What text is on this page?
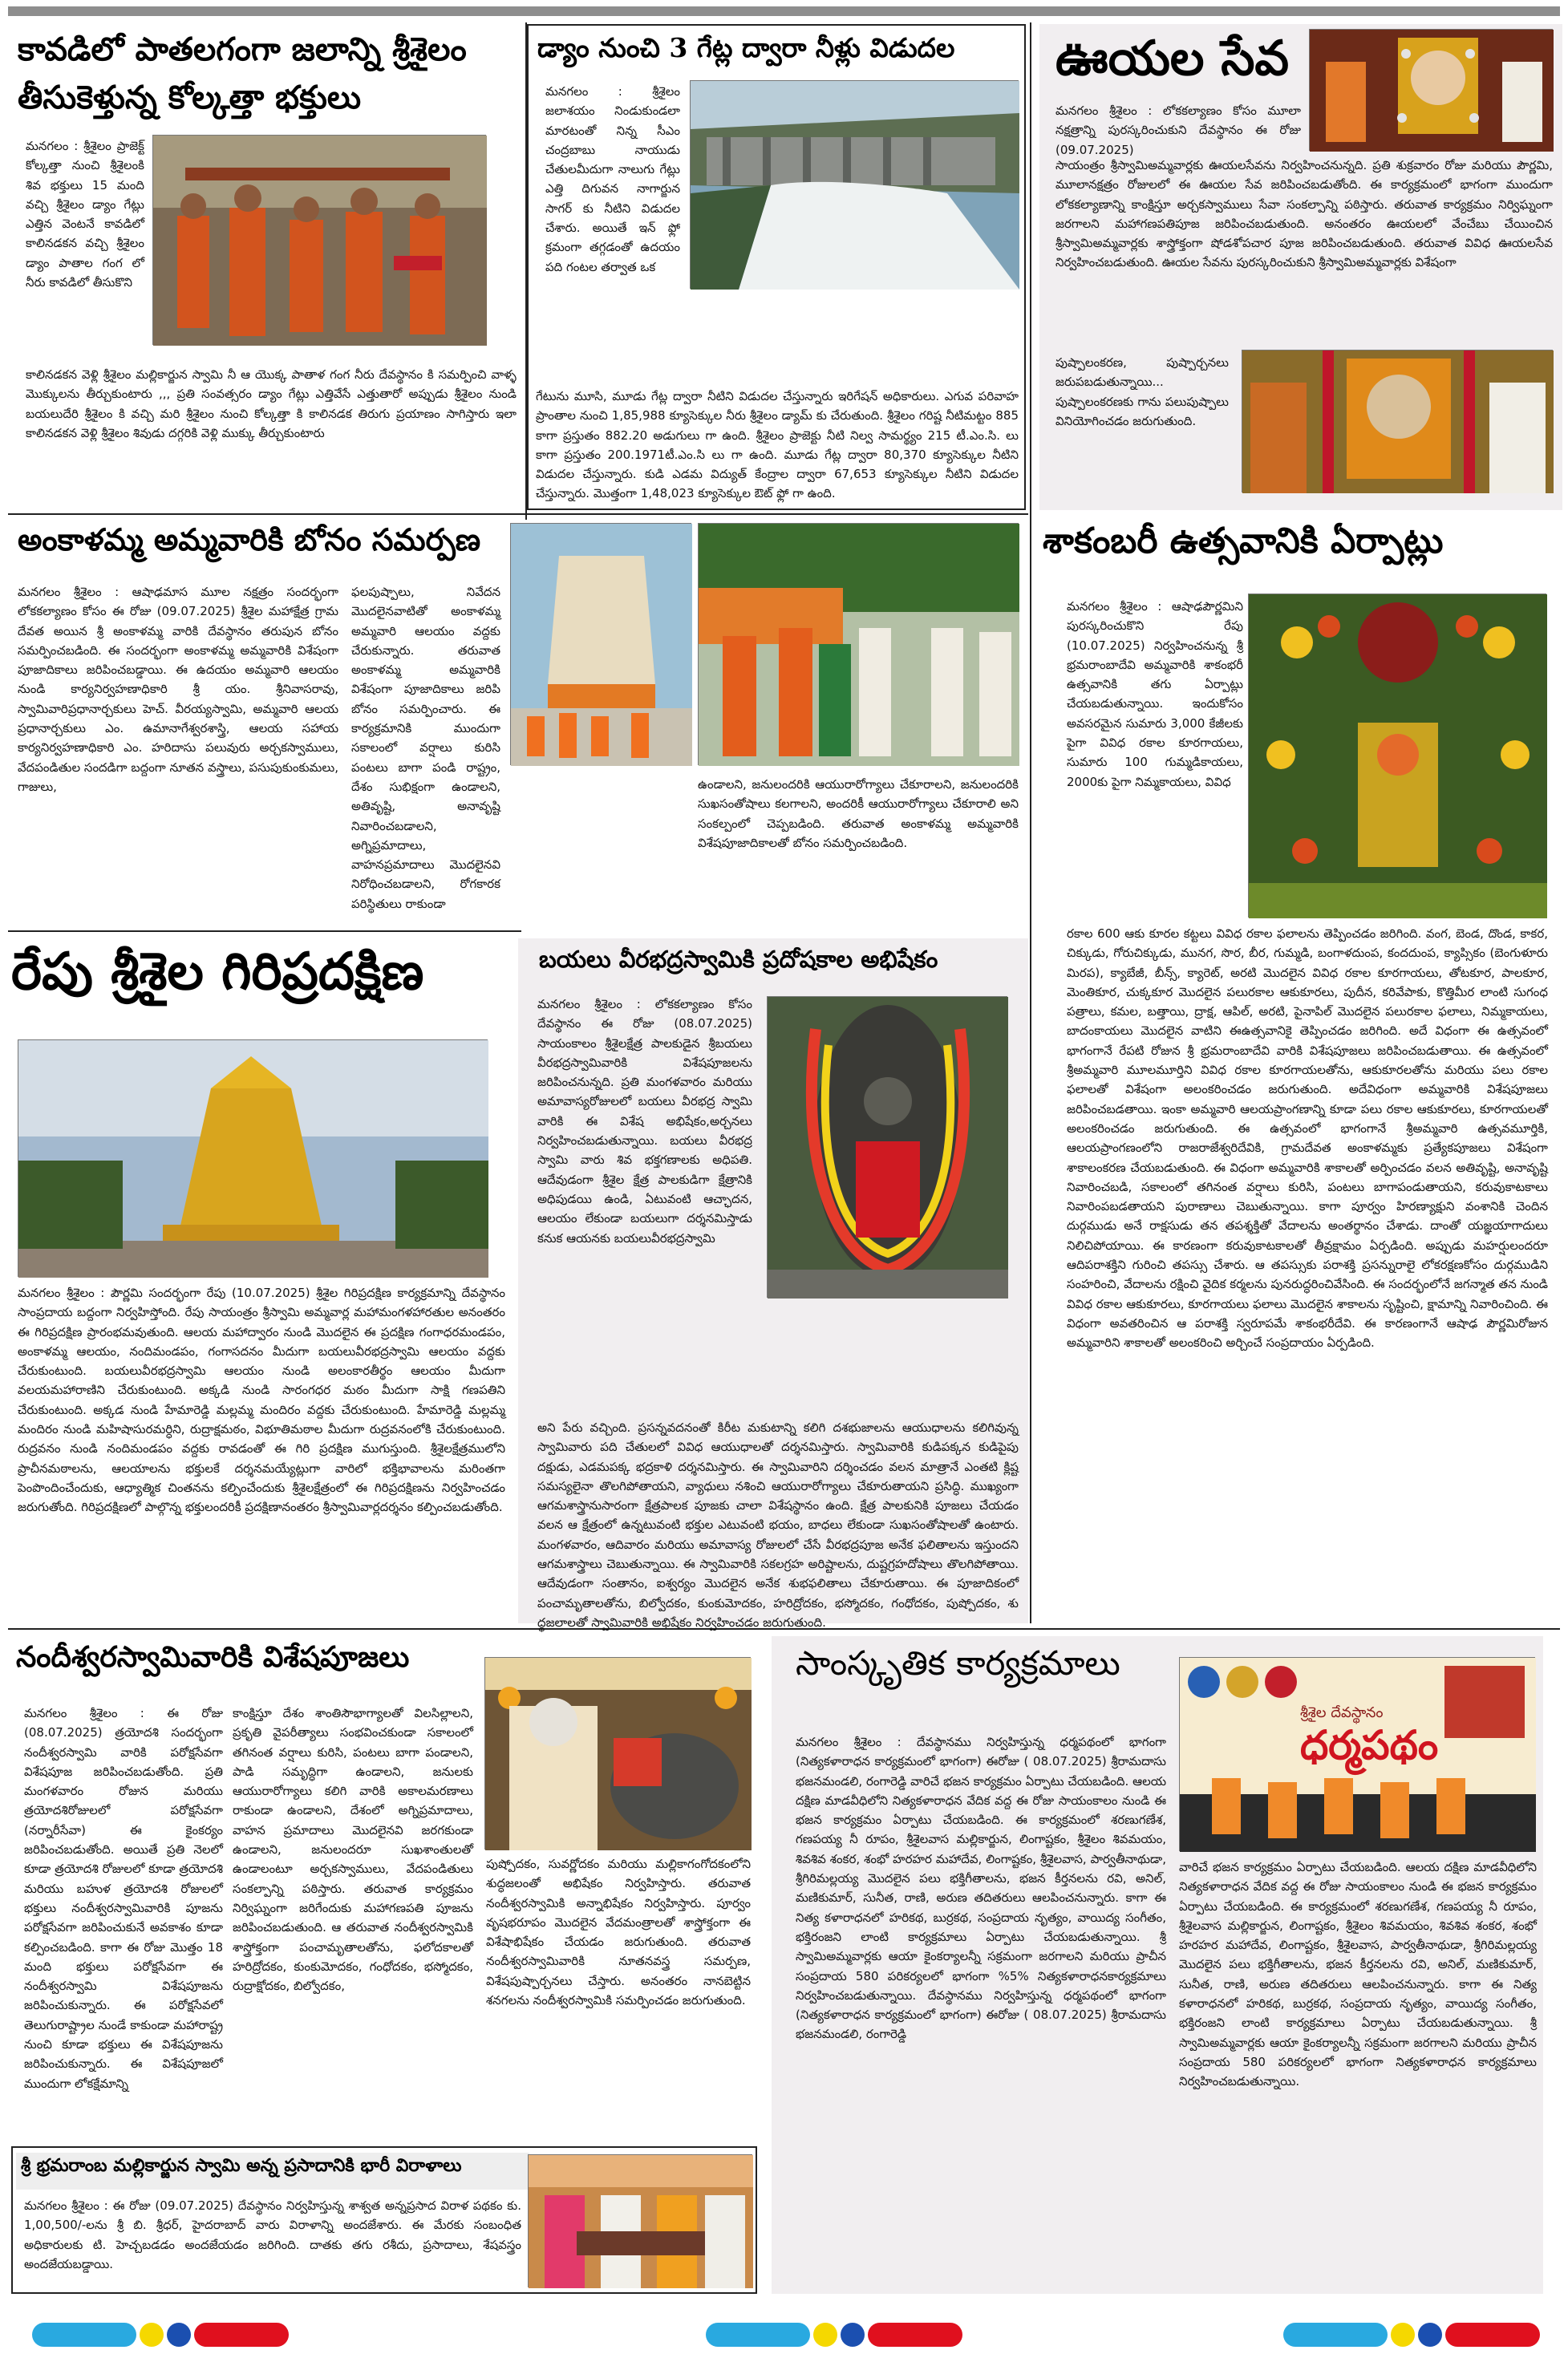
కావడిలో పాతలగంగా జలాన్ని శ్రీశైలం
తీసుకెళ్తున్న కోల్కత్తా భక్తులు
మనగలం : శ్రీశైలం ప్రాజెక్ట్ కోల్కత్తా నుంచి శ్రీశైలంకి శివ భక్తులు 15 మంది వచ్చి శ్రీశైలం డ్యాం గేట్లు ఎత్తిన వెంటనే కావడిలో కాలినడకన వచ్చి శ్రీశైలం డ్యాం పాతాల గంగ లో నీరు కావడిలో తీసుకొని
కాలినడకన వెళ్లి శ్రీశైలం మల్లికార్జున స్వామి నీ ఆ యొక్క పాతాళ గంగ నీరు దేవస్థానం కి సమర్పించి వాళ్ళ మొక్కులను తీర్చుకుంటారు ,,, ప్రతి సంవత్సరం డ్యాం గేట్లు ఎత్తివేసే ఎత్తుతారో అప్పుడు శ్రీశైలం నుండి బయలుదేరి శ్రీశైలం కి వచ్చి మరి శ్రీశైలం నుంచి కోల్కత్తా కి కాలినడక తిరుగు ప్రయాణం సాగిస్తారు ఇలా కాలినడకన వెళ్లి శ్రీశైలం శివుడు దగ్గరికి వెళ్లి ముక్కు తీర్చుకుంటారు
డ్యాం నుంచి 3 గేట్ల ద్వారా నీళ్లు విడుదల
మనగలం : శ్రీశైలం జలాశయం నిండుకుండలా మారటంతో నిన్న సీఎం చంద్రబాబు నాయుడు చేతులమీదుగా నాలుగు గేట్లు ఎత్తి దిగువన నాగార్జున సాగర్ కు నీటిని విడుదల చేశారు. అయితే ఇన్ ఫ్లో క్రమంగా తగ్గడంతో ఉదయం పది గంటల తర్వాత ఒక
గేటును మూసి, మూడు గేట్ల ద్వారా నీటిని విడుదల చేస్తున్నారు ఇరిగేషన్ అధికారులు. ఎగువ పరివాహ ప్రాంతాల నుంచి 1,85,988 క్యూసెక్కుల నీరు శ్రీశైలం డ్యామ్ కు చేరుతుంది. శ్రీశైలం గరిష్ట నీటిమట్టం 885 కాగా ప్రస్తుతం 882.20 అడుగులు గా ఉంది. శ్రీశైలం ప్రాజెక్టు నీటి నిల్వ సామర్థ్యం 215 టీ.ఎం.సి. లు కాగా ప్రస్తుతం 200.1971టీ.ఎం.సి లు గా ఉంది. మూడు గేట్ల ద్వారా 80,370 క్యూసెక్కుల నీటిని విడుదల చేస్తున్నారు. కుడి ఎడమ విద్యుత్ కేంద్రాల ద్వారా 67,653 క్యూసెక్కుల నీటిని విడుదల చేస్తున్నారు. మొత్తంగా 1,48,023 క్యూసెక్కుల ఔట్ ఫ్లో గా ఉంది.
ఊయల సేవ
మనగలం శ్రీశైలం : లోకకల్యాణం కోసం మూలా నక్షత్రాన్ని పురస్కరించుకుని దేవస్థానం ఈ రోజు (09.07.2025)
సాయంత్రం శ్రీస్వామిఅమ్మవార్లకు ఊయలసేవను నిర్వహించనున్నది. ప్రతి శుక్రవారం రోజు మరియు పౌర్ణమి, మూలానక్షత్రం రోజులలో ఈ ఊయల సేవ జరిపించబడుతోంది. ఈ కార్యక్రమంలో భాగంగా ముందుగా లోకకల్యాణాన్ని కాంక్షిస్తూ అర్చకస్వాములు సేవా సంకల్పాన్ని పఠిస్తారు. తరువాత కార్యక్రమం నిర్విఘ్నంగా జరగాలని మహాగణపతిపూజ జరిపించబడుతుంది. అనంతరం ఊయలలో వేంచేబు చేయించిన శ్రీస్వామిఅమ్మవార్లకు శాస్త్రోక్తంగా షోడశోపచార పూజ జరిపించబడుతుంది. తరువాత వివిధ ఊయలసేవ నిర్వహించబడుతుంది. ఊయల సేవను పురస్కరించుకుని శ్రీస్వామిఅమ్మవార్లకు విశేషంగా
పుష్పాలంకరణ, పుష్పార్చనలు జరుపబడుతున్నాయి... పుష్పాలంకరణకు గాను పలుపుష్పాలు వినియోగించడం జరుగుతుంది.
అంకాళమ్మ అమ్మవారికి బోనం సమర్పణ
మనగలం శ్రీశైలం : ఆషాఢమాస మూల నక్షత్రం సందర్భంగా లోకకల్యాణం కోసం ఈ రోజు (09.07.2025) శ్రీశైల మహాక్షేత్ర గ్రామ దేవత అయిన శ్రీ అంకాళమ్మ వారికి దేవస్థానం తరుపున బోనం సమర్పించబడింది. ఈ సందర్భంగా అంకాళమ్మ అమ్మవారికి విశేషంగా పూజాదికాలు జరిపించబడ్డాయి. ఈ ఉదయం అమ్మవారి ఆలయం నుండి కార్యనిర్వహణాధికారి శ్రీ యం. శ్రీనివాసరావు, స్వామివారిప్రధానార్చకులు హెచ్. వీరయ్యస్వామి, అమ్మవారి ఆలయ ప్రధానార్చకులు ఎం. ఉమానాగేశ్వరశాస్త్రి, ఆలయ సహాయ కార్యనిర్వహణాధికారి ఎం. హరిదాసు పలువురు అర్చకస్వాములు, వేదపండితుల సందడిగా బద్దంగా నూతన వస్త్రాలు, పసుపుకుంకుమలు, గాజులు,
ఫలపుష్పాలు, నివేదన మొదలైనవాటితో అంకాళమ్మ అమ్మవారి ఆలయం వద్దకు చేరుకున్నారు. తరువాత అంకాళమ్మ అమ్మవారికి విశేషంగా పూజాదికాలు జరిపి బోనం సమర్పించారు. ఈ కార్యక్రమానికి ముందుగా సకాలంలో వర్షాలు కురిసి పంటలు బాగా పండి రాష్ట్రం, దేశం సుభిక్షంగా ఉండాలని, అతివృష్టి, అనావృష్టి నివారించబడాలని, అగ్నిప్రమాదాలు, వాహనప్రమాదాలు మొదలైనవి నిరోధించబడాలని, రోగకారక పరిస్థితులు రాకుండా
ఉండాలని, జనులందరికి ఆయురారోగ్యాలు చేకూరాలని, జనులందరికి సుఖసంతోషాలు కలగాలని, అందరికీ ఆయురారోగ్యాలు చేకూరాలి అని సంకల్పంలో చెప్పబడింది. తరువాత అంకాళమ్మ అమ్మవారికి విశేషపూజాదికాలతో బోనం సమర్పించబడింది.
రేపు శ్రీశైల గిరిప్రదక్షిణ
మనగలం శ్రీశైలం : పౌర్ణమి సందర్భంగా రేపు (10.07.2025) శ్రీశైల గిరిప్రదక్షిణ కార్యక్రమాన్ని దేవస్థానం సాంప్రదాయ బద్దంగా నిర్వహిస్తోంది. రేపు సాయంత్రం శ్రీస్వామి అమ్మవార్ల మహామంగళహారతుల అనంతరం ఈ గిరిప్రదక్షిణ ప్రారంభమవుతుంది. ఆలయ మహాద్వారం నుండి మొదలైన ఈ ప్రదక్షిణ గంగాధరమండపం, అంకాళమ్మ ఆలయం, నందిమండపం, గంగాసదనం మీదుగా బయలువీరభద్రస్వామి ఆలయం వద్దకు చేరుకుంటుంది. బయలువీరభద్రస్వామి ఆలయం నుండి అలంకారతీర్థం ఆలయం మీదుగా వలయమహారాణిని చేరుకుంటుంది. అక్కడి నుండి సారంగధర మఠం మీదుగా సాక్షి గణపతిని చేరుకుంటుంది. అక్కడ నుండి హేమారెడ్డి మల్లమ్మ మందిరం వద్దకు చేరుకుంటుంది. హేమారెడ్డి మల్లమ్మ మందిరం నుండి మహిషాసురమర్ధిని, రుద్రాక్షమఠం, విభూతిమఠాల మీదుగా రుద్రవనంలోకి చేరుకుంటుంది. రుద్రవనం నుండి నందిమండపం వద్దకు రావడంతో ఈ గిరి ప్రదక్షిణ ముగుస్తుంది. శ్రీశైలక్షేత్రములోని ప్రాచీనమఠాలను, ఆలయాలను భక్తులకే దర్శనమయ్యేట్లుగా వారిలో భక్తిభావాలను మరింతగా పెంపొందించేందుకు, ఆధ్యాత్మిక చింతనను కల్పించేందుకు శ్రీశైలక్షేత్రంలో ఈ గిరిప్రదక్షిణను నిర్వహించడం జరుగుతోంది. గిరిప్రదక్షిణలో పాల్గొన్న భక్తులందరికీ ప్రదక్షిణానంతరం శ్రీస్వామివార్లదర్శనం కల్పించబడుతోంది.
బయలు వీరభద్రస్వామికి ప్రదోషకాల అభిషేకం
మనగలం శ్రీశైలం : లోకకల్యాణం కోసం దేవస్థానం ఈ రోజు (08.07.2025) సాయంకాలం శ్రీశైలక్షేత్ర పాలకుడైన శ్రీబయలు వీరభద్రస్వామివారికి విశేషపూజలను జరిపించనున్నది. ప్రతి మంగళవారం మరియు అమావాస్యరోజులలో బయలు వీరభద్ర స్వామి వారికి ఈ విశేష అభిషేకం,అర్చనలు నిర్వహించబడుతున్నాయి. బయలు వీరభద్ర స్వామి వారు శివ భక్తగణాలకు అధిపతి. ఆదేవుడంగా శ్రీశైల క్షేత్ర పాలకుడిగా క్షేత్రానికి అధిపుడయి ఉండి, ఏటువంటి ఆచ్ఛాదన, ఆలయం లేకుండా బయలుగా దర్శనమిస్తాడు కనుక ఆయనకు బయలువీరభద్రస్వామి
అని పేరు వచ్చింది. ప్రసన్నవదనంతో కిరీట మకుటాన్ని కలిగి దశభుజాలను ఆయుధాలను కలిగివున్న స్వామివారు పది చేతులలో వివిధ ఆయుధాలతో దర్శనమిస్తారు. స్వామివారికి కుడిపక్కన కుడిపైపు దక్షుడు, ఎడమపక్క భద్రకాళి దర్శనమిస్తారు. ఈ స్వామివారిని దర్శించడం వలన మాత్రానే ఎంతటి క్లిష్ట సమస్యలైనా తొలగిపోతాయని, వ్యాధులు నశించి ఆయురారోగ్యాలు చేకూరుతాయని ప్రసిద్ధి. ముఖ్యంగా ఆగమశాస్త్రానుసారంగా క్షేత్రపాలక పూజకు చాలా విశేషస్థానం ఉంది. క్షేత్ర పాలకునికి పూజలు చేయడం వలన ఆ క్షేత్రంలో ఉన్నటువంటి భక్తుల ఎటువంటి భయం, బాధలు లేకుండా సుఖసంతోషాలతో ఉంటారు. మంగళవారం, ఆదివారం మరియు అమావాస్య రోజులలో చేసే వీరభద్రపూజ అనేక ఫలితాలను ఇస్తుందని ఆగమశాస్త్రాలు చెబుతున్నాయి. ఈ స్వామివారికి సకలగ్రహ అరిష్టాలను, దుష్టగ్రహదోషాలు తొలగిపోతాయి. ఆదేవుడంగా సంతానం, ఐశ్వర్యం మొదలైన అనేక శుభఫలితాలు చేకూరుతాయి. ఈ పూజాదికంలో పంచామృతాలతోను, బిల్వోదకం, కుంకుమోదకం, హరిద్రోదకం, భస్మోదకం, గంధోదకం, పుష్పోదకం, శు ద్ధజలాలతో స్వామివారికి అభిషేకం నిర్వహించడం జరుగుతుంది.
శాకంబరీ ఉత్సవానికి ఏర్పాట్లు
మనగలం శ్రీశైలం : ఆషాఢపౌర్ణమిని పురస్కరించుకొని రేపు (10.07.2025) నిర్వహించనున్న శ్రీ భ్రమరాంబాదేవి అమ్మవారికి శాకంభరీ ఉత్సవానికి తగు ఏర్పాట్లు చేయబడుతున్నాయి. ఇందుకోసం అవసరమైన సుమారు 3,000 కేజీలకు పైగా వివిధ రకాల కూరగాయలు, సుమారు 100 గుమ్మడికాయలు, 2000కు పైగా నిమ్మకాయలు, వివిధ
రకాల 600 ఆకు కూరల కట్టలు వివిధ రకాల ఫలాలను తెప్పించడం జరిగింది. వంగ, బెండ, దొండ, కాకర, చిక్కుడు, గోరుచిక్కుడు, మునగ, సొర, బీర, గుమ్మడి, బంగాళదుంప, కందదుంప, క్యాప్సికం (బెంగుళూరు మిరప), క్యాబేజీ, బీన్స్, క్యారెట్, అరటి మొదలైన వివిధ రకాల కూరగాయలు, తోటకూర, పాలకూర, మెంతికూర, చుక్కకూర మొదలైన పలురకాల ఆకుకూరలు, పుదీన, కరివేపాకు, కొత్తిమీర లాంటి సుగంధ పత్రాలు, కమల, బత్తాయి, ద్రాక్ష, ఆపిల్, అరటి, పైనాపిల్ మొదలైన పలురకాల ఫలాలు, నిమ్మకాయలు, బాదంకాయలు మొదలైన వాటిని ఈఉత్సవానికై తెప్పించడం జరిగింది. అదే విధంగా ఈ ఉత్సవంలో భాగంగానే రేపటి రోజున శ్రీ భ్రమరాంబాదేవి వారికి విశేషపూజలు జరిపించబడుతాయి. ఈ ఉత్సవంలో శ్రీఅమ్మవారి మూలమూర్తిని వివిధ రకాల కూరగాయలతోను, ఆకుకూరలతోను మరియు పలు రకాల ఫలాలతో విశేషంగా అలంకరించడం జరుగుతుంది. అదేవిధంగా అమ్మవారికి విశేషపూజలు జరిపించబడతాయి. ఇంకా అమ్మవారి ఆలయప్రాంగణాన్ని కూడా పలు రకాల ఆకుకూరలు, కూరగాయలతో అలంకరించడం జరుగుతుంది. ఈ ఉత్సవంలో భాగంగానే శ్రీఅమ్మవారి ఉత్సవమూర్తికి, ఆలయప్రాంగణంలోని రాజరాజేశ్వరిదేవికి, గ్రామదేవత అంకాళమ్మకు ప్రత్యేకపూజలు విశేషంగా శాకాలంకరణ చేయబడుతుంది. ఈ విధంగా అమ్మవారికి శాకాలతో అర్పించడం వలన అతివృష్టి, అనావృష్టి నివారించబడి, సకాలంలో తగినంత వర్షాలు కురిసి, పంటలు బాగాపండుతాయని, కరువుకాటకాలు నివారింపబడతాయని పురాణాలు చెబుతున్నాయి. కాగా పూర్వం హిరణ్యాక్షుని వంశానికి చెందిన దుర్గముడు అనే రాక్షసుడు తన తపశ్శక్తితో వేదాలను అంతర్థానం చేశాడు. దాంతో యజ్ఞయాగాదులు నిలిచిపోయాయి. ఈ కారణంగా కరువుకాటకాలతో తీవ్రక్షామం ఏర్పడింది. అప్పుడు మహర్షులందరూ ఆదిపరాశక్తిని గురించి తపస్సు చేశారు. ఆ తపస్సుకు పరాశక్తి ప్రసన్నురాలై లోకరక్షణకోసం దుర్గముడిని సంహరించి, వేదాలను రక్షించి వైదిక కర్మలను పునరుద్ధరించివేసింది. ఈ సందర్భంలోనే జగన్మాత తన నుండి వివిధ రకాల ఆకుకూరలు, కూరగాయలు ఫలాలు మొదలైన శాకాలను సృష్టించి, క్షామాన్ని నివారించింది. ఈ విధంగా అవతరించిన ఆ పరాశక్తి స్వరూపమే శాకంభరీదేవి. ఈ కారణంగానే ఆషాఢ పౌర్ణమిరోజున అమ్మవారిని శాకాలతో అలంకరించి అర్చించే సంప్రదాయం ఏర్పడింది.
నందీశ్వరస్వామివారికి విశేషపూజలు
మనగలం శ్రీశైలం : ఈ రోజు (08.07.2025) త్రయోదశి సందర్భంగా నందీశ్వరస్వామి వారికి పరోక్షసేవగా విశేషపూజ జరిపించబడుతోంది. ప్రతి మంగళవారం రోజున మరియు త్రయోదశిరోజులలో పరోక్షసేవగా (నర్నారీసేవా) ఈ కైంకర్యం జరిపించబడుతోంది. అయితే ప్రతి నెలలో కూడా త్రయోదశి రోజులలో కూడా త్రయోదశి మరియు బహుళ త్రయోదశి రోజులలో భక్తులు నందీశ్వరస్వామివారికి పూజను పరోక్షసేవగా జరిపించుకునే అవకాశం కూడా కల్పించబడింది. కాగా ఈ రోజు మొత్తం 18 మంది భక్తులు పరోక్షసేవగా ఈ నందీశ్వరస్వామి విశేషపూజను జరిపించుకున్నారు. ఈ పరోక్షసేవలో తెలుగురాష్ట్రాల నుండే కాకుండా మహారాష్ట్ర నుంచి కూడా భక్తులు ఈ విశేషపూజను జరిపించుకున్నారు. ఈ విశేషపూజలో ముందుగా లోకక్షేమాన్ని
కాంక్షిస్తూ దేశం శాంతిసౌభాగ్యాలతో విలసిల్లాలని, ప్రకృతి వైపరీత్యాలు సంభవించకుండా సకాలంలో తగినంత వర్షాలు కురిసి, పంటలు బాగా పండాలని, పాడి సమృద్ధిగా ఉండాలని, జనులకు ఆయురారోగ్యాలు కలిగి వారికి అకాలమరణాలు రాకుండా ఉండాలని, దేశంలో అగ్నిప్రమాదాలు, వాహన ప్రమాదాలు మొదలైనవి జరగకుండా ఉండాలని, జనులందరూ సుఖశాంతులతో ఉండాలంటూ అర్చకస్వాములు, వేదపండితులు సంకల్పాన్ని పఠిస్తారు. తరువాత కార్యక్రమం నిర్విఘ్నంగా జరిగేందుకు మహాగణపతి పూజను జరిపించబడుతుంది. ఆ తరువాత నందీశ్వరస్వామికి శాస్త్రోక్తంగా పంచామృతాలతోను, ఫలోదకాలతో హరిద్రోదకం, కుంకుమోదకం, గంధోదకం, భస్మోదకం, రుద్రాక్షోదకం, బిల్వోదకం,
పుష్పోదకం, సువర్ణోదకం మరియు మల్లికాగంగోదకంలోని శుద్ధజలంతో అభిషేకం నిర్వహిస్తారు. తరువాత నందీశ్వరస్వామికి అన్నాభిషేకం నిర్వహిస్తారు. పూర్వం వృషభరూపం మొదలైన వేదమంత్రాలతో శాస్త్రోక్తంగా ఈ విశేషాభిషేకం చేయడం జరుగుతుంది. తరువాత నందీశ్వరస్వామివారికి నూతనవస్త్ర సమర్పణ, విశేషపుష్పార్చనలు చేస్తారు. అనంతరం నానబెట్టిన శనగలను నందీశ్వరస్వామికి సమర్పించడం జరుగుతుంది.
సాంస్కృతిక కార్యక్రమాలు
శ్రీశైల దేవస్థానం
ధర్మపథం
మనగలం శ్రీశైలం : దేవస్థానము నిర్వహిస్తున్న ధర్మపథంలో భాగంగా (నిత్యకళారాధన కార్యక్రమంలో భాగంగా) ఈరోజు ( 08.07.2025) శ్రీరామదాసు భజనమండలి, రంగారెడ్డి వారిచే భజన కార్యక్రమం ఏర్పాటు చేయబడింది. ఆలయ దక్షిణ మాడవీధిలోని నిత్యకళారాధన వేదిక వద్ద ఈ రోజు సాయంకాలం నుండి ఈ భజన కార్యక్రమం ఏర్పాటు చేయబడింది. ఈ కార్యక్రమంలో శరణుగణేశ, గణపయ్య నీ రూపం, శ్రీశైలవాస మల్లికార్జున, లింగాష్టకం, శ్రీశైలం శివమయం, శివశివ శంకర, శంభో హరహర మహాదేవ, లింగాష్టకం, శ్రీశైలవాస, పార్వతీనాథుడా, శ్రీగిరిమల్లయ్య మొదలైన పలు భక్తిగీతాలను, భజన కీర్తనలను రవి, అనిల్, మణికుమార్, సునీత, రాణి, అరుణ తదితరులు ఆలపించనున్నారు. కాగా ఈ నిత్య కళారాధనలో హరికథ, బుర్రకథ, సంప్రదాయ నృత్యం, వాయిద్య సంగీతం, భక్తిరంజని లాంటి కార్యక్రమాలు ఏర్పాటు చేయబడుతున్నాయి. శ్రీ స్వామిఅమ్మవార్లకు ఆయా కైంకర్యాలన్నీ సక్రమంగా జరగాలని మరియు ప్రాచీన సంప్రదాయ 580 పరికర్యలలో భాగంగా %5% నిత్యకళారాధనకార్యక్రమాలు నిర్వహించబడుతున్నాయి. దేవస్థానము నిర్వహిస్తున్న ధర్మపథంలో భాగంగా (నిత్యకళారాధన కార్యక్రమంలో భాగంగా) ఈరోజు ( 08.07.2025) శ్రీరామదాసు భజనమండలి, రంగారెడ్డి
వారిచే భజన కార్యక్రమం ఏర్పాటు చేయబడింది. ఆలయ దక్షిణ మాడవీధిలోని నిత్యకళారాధన వేదిక వద్ద ఈ రోజు సాయంకాలం నుండి ఈ భజన కార్యక్రమం ఏర్పాటు చేయబడింది. ఈ కార్యక్రమంలో శరణుగణేశ, గణపయ్య నీ రూపం, శ్రీశైలవాస మల్లికార్జున, లింగాష్టకం, శ్రీశైలం శివమయం, శివశివ శంకర, శంభో హరహర మహాదేవ, లింగాష్టకం, శ్రీశైలవాస, పార్వతీనాథుడా, శ్రీగిరిమల్లయ్య మొదలైన పలు భక్తిగీతాలను, భజన కీర్తనలను రవి, అనిల్, మణికుమార్, సునీత, రాణి, అరుణ తదితరులు ఆలపించనున్నారు. కాగా ఈ నిత్య కళారాధనలో హరికథ, బుర్రకథ, సంప్రదాయ నృత్యం, వాయిద్య సంగీతం, భక్తిరంజని లాంటి కార్యక్రమాలు ఏర్పాటు చేయబడుతున్నాయి. శ్రీ స్వామిఅమ్మవార్లకు ఆయా కైంకర్యాలన్నీ సక్రమంగా జరగాలని మరియు ప్రాచీన సంప్రదాయ 580 పరికర్యలలో భాగంగా నిత్యకళారాధన కార్యక్రమాలు నిర్వహించబడుతున్నాయి.
శ్రీ భ్రమరాంబ మల్లికార్జున స్వామి అన్న ప్రసాదానికి భారీ విరాళాలు
మనగలం శ్రీశైలం : ఈ రోజు (09.07.2025) దేవస్థానం నిర్వహిస్తున్న శాశ్వత అన్నప్రసాద విరాళ పథకం కు. 1,00,500/-లను శ్రీ బి. శ్రీధర్, హైదరాబాద్ వారు విరాళాన్ని అందజేశారు. ఈ మేరకు సంబంధిత అధికారులకు టి. హెచ్చబడడం అందజేయడం జరిగింది. దాతకు తగు రశీదు, ప్రసాదాలు, శేషవస్త్రం అందజేయబడ్డాయి.
